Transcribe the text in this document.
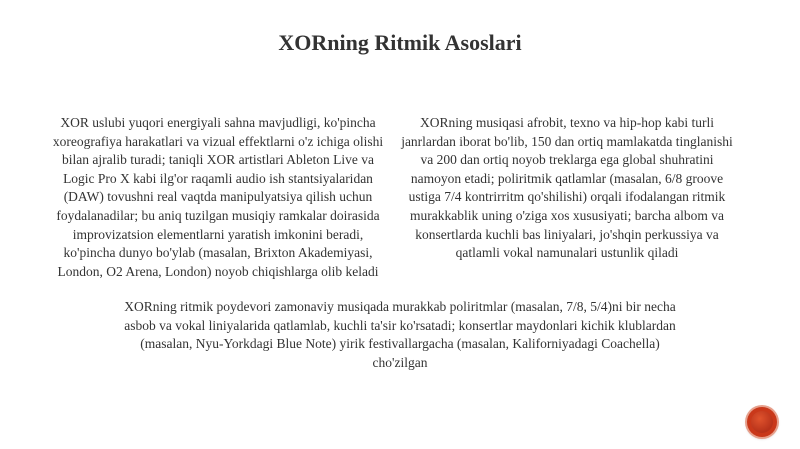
XORning Ritmik Asoslari
XOR uslubi yuqori energiyali sahna mavjudligi, ko'pincha xoreografiya harakatlari va vizual effektlarni o'z ichiga olishi bilan ajralib turadi; taniqli XOR artistlari Ableton Live va Logic Pro X kabi ilg'or raqamli audio ish stantsiyalaridan (DAW) tovushni real vaqtda manipulyatsiya qilish uchun foydalanadilar; bu aniq tuzilgan musiqiy ramkalar doirasida improvizatsion elementlarni yaratish imkonini beradi, ko'pincha dunyo bo'ylab (masalan, Brixton Akademiyasi, London, O2 Arena, London) noyob chiqishlarga olib keladi
XORning musiqasi afrobit, texno va hip-hop kabi turli janrlardan iborat bo'lib, 150 dan ortiq mamlakatda tinglanishi va 200 dan ortiq noyob treklarga ega global shuhratini namoyon etadi; poliritmik qatlamlar (masalan, 6/8 groove ustiga 7/4 kontrirritm qo'shilishi) orqali ifodalangan ritmik murakkablik uning o'ziga xos xususiyati; barcha albom va konsertlarda kuchli bas liniyalari, jo'shqin perkussiya va qatlamli vokal namunalari ustunlik qiladi
XORning ritmik poydevori zamonaviy musiqada murakkab poliritmlar (masalan, 7/8, 5/4)ni bir necha asbob va vokal liniyalarida qatlamlab, kuchli ta'sir ko'rsatadi; konsertlar maydonlari kichik klublardan (masalan, Nyu-Yorkdagi Blue Note) yirik festivallargacha (masalan, Kaliforniyadagi Coachella) cho'zilgan
